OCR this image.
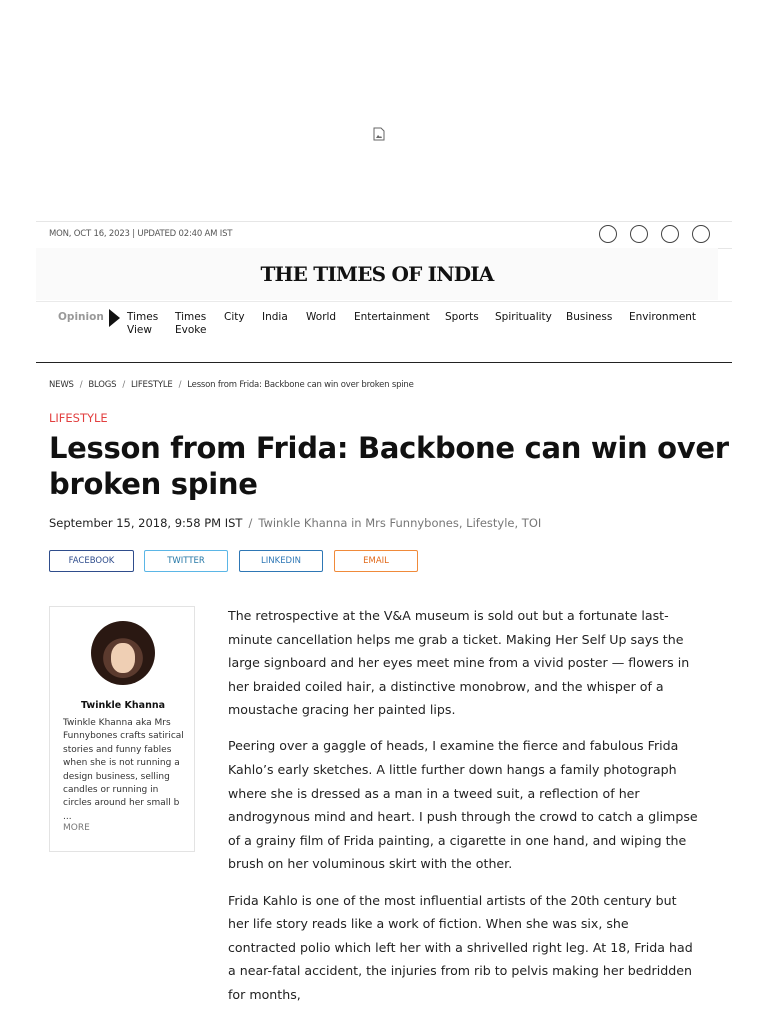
MON, OCT 16, 2023 | UPDATED 02:40 AM IST
THE TIMES OF INDIA
Opinion Times View
Times Evoke
City India World Entertainment Sports Spirituality Business Environment
NEWS / BLOGS / LIFESTYLE / Lesson from Frida: Backbone can win over broken spine
LIFESTYLE
Lesson from Frida: Backbone can win over broken spine
September 15, 2018, 9:58 PM IST / Twinkle Khanna in Mrs Funnybones, Lifestyle, TOI
FACEBOOK	TWITTER	LINKEDIN	EMAIL
Twinkle Khanna
Twinkle Khanna aka Mrs Funnybones crafts satirical stories and funny fables when she is not running a design business, selling candles or running in circles around her small b ...
MORE

The retrospective at the V&A museum is sold out but a fortunate last-minute cancellation helps me grab a ticket. Making Her Self Up says the large signboard and her eyes meet mine from a vivid poster — flowers in her braided coiled hair, a distinctive monobrow, and the whisper of a moustache gracing her painted lips.

Peering over a gaggle of heads, I examine the fierce and fabulous Frida Kahlo’s early sketches. A little further down hangs a family photograph where she is dressed as a man in a tweed suit, a reflection of her androgynous mind and heart. I push through the crowd to catch a glimpse of a grainy film of Frida painting, a cigarette in one hand, and wiping the brush on her voluminous skirt with the other.

Frida Kahlo is one of the most influential artists of the 20th century but her life story reads like a work of fiction. When she was six, she contracted polio which left her with a shrivelled right leg. At 18, Frida had a near-fatal accident, the injuries from rib to pelvis making her bedridden for months,
